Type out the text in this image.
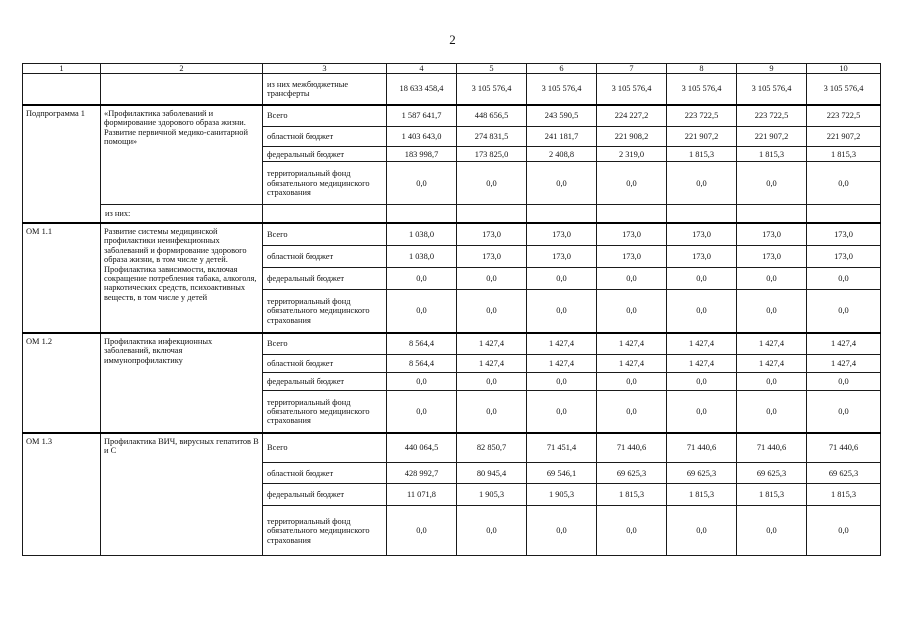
2
1	2	3	4	5	6	7	8	9	10
		из них межбюджетные трансферты	18 633 458,4	3 105 576,4	3 105 576,4	3 105 576,4	3 105 576,4	3 105 576,4	3 105 576,4
Подпрограмма 1	«Профилактика заболеваний и формирование здорового образа жизни. Развитие первичной медико-санитарной помощи»	Всего	1 587 641,7	448 656,5	243 590,5	224 227,2	223 722,5	223 722,5	223 722,5
		областной бюджет	1 403 643,0	274 831,5	241 181,7	221 908,2	221 907,2	221 907,2	221 907,2
		федеральный бюджет	183 998,7	173 825,0	2 408,8	2 319,0	1 815,3	1 815,3	1 815,3
		территориальный фонд обязательного медицинского страхования	0,0	0,0	0,0	0,0	0,0	0,0	0,0
	из них:								
ОМ 1.1	Развитие системы медицинской профилактики неинфекционных заболеваний и формирование здорового образа жизни, в том числе у детей. Профилактика зависимости, включая сокращение потребления табака, алкоголя, наркотических средств, психоактивных веществ, в том числе у детей	Всего	1 038,0	173,0	173,0	173,0	173,0	173,0	173,0
		областной бюджет	1 038,0	173,0	173,0	173,0	173,0	173,0	173,0
		федеральный бюджет	0,0	0,0	0,0	0,0	0,0	0,0	0,0
		территориальный фонд обязательного медицинского страхования	0,0	0,0	0,0	0,0	0,0	0,0	0,0
ОМ 1.2	Профилактика инфекционных заболеваний, включая иммунопрофилактику	Всего	8 564,4	1 427,4	1 427,4	1 427,4	1 427,4	1 427,4	1 427,4
		областной бюджет	8 564,4	1 427,4	1 427,4	1 427,4	1 427,4	1 427,4	1 427,4
		федеральный бюджет	0,0	0,0	0,0	0,0	0,0	0,0	0,0
		территориальный фонд обязательного медицинского страхования	0,0	0,0	0,0	0,0	0,0	0,0	0,0
ОМ 1.3	Профилактика ВИЧ, вирусных гепатитов В и С	Всего	440 064,5	82 850,7	71 451,4	71 440,6	71 440,6	71 440,6	71 440,6
		областной бюджет	428 992,7	80 945,4	69 546,1	69 625,3	69 625,3	69 625,3	69 625,3
		федеральный бюджет	11 071,8	1 905,3	1 905,3	1 815,3	1 815,3	1 815,3	1 815,3
		территориальный фонд обязательного медицинского страхования	0,0	0,0	0,0	0,0	0,0	0,0	0,0
